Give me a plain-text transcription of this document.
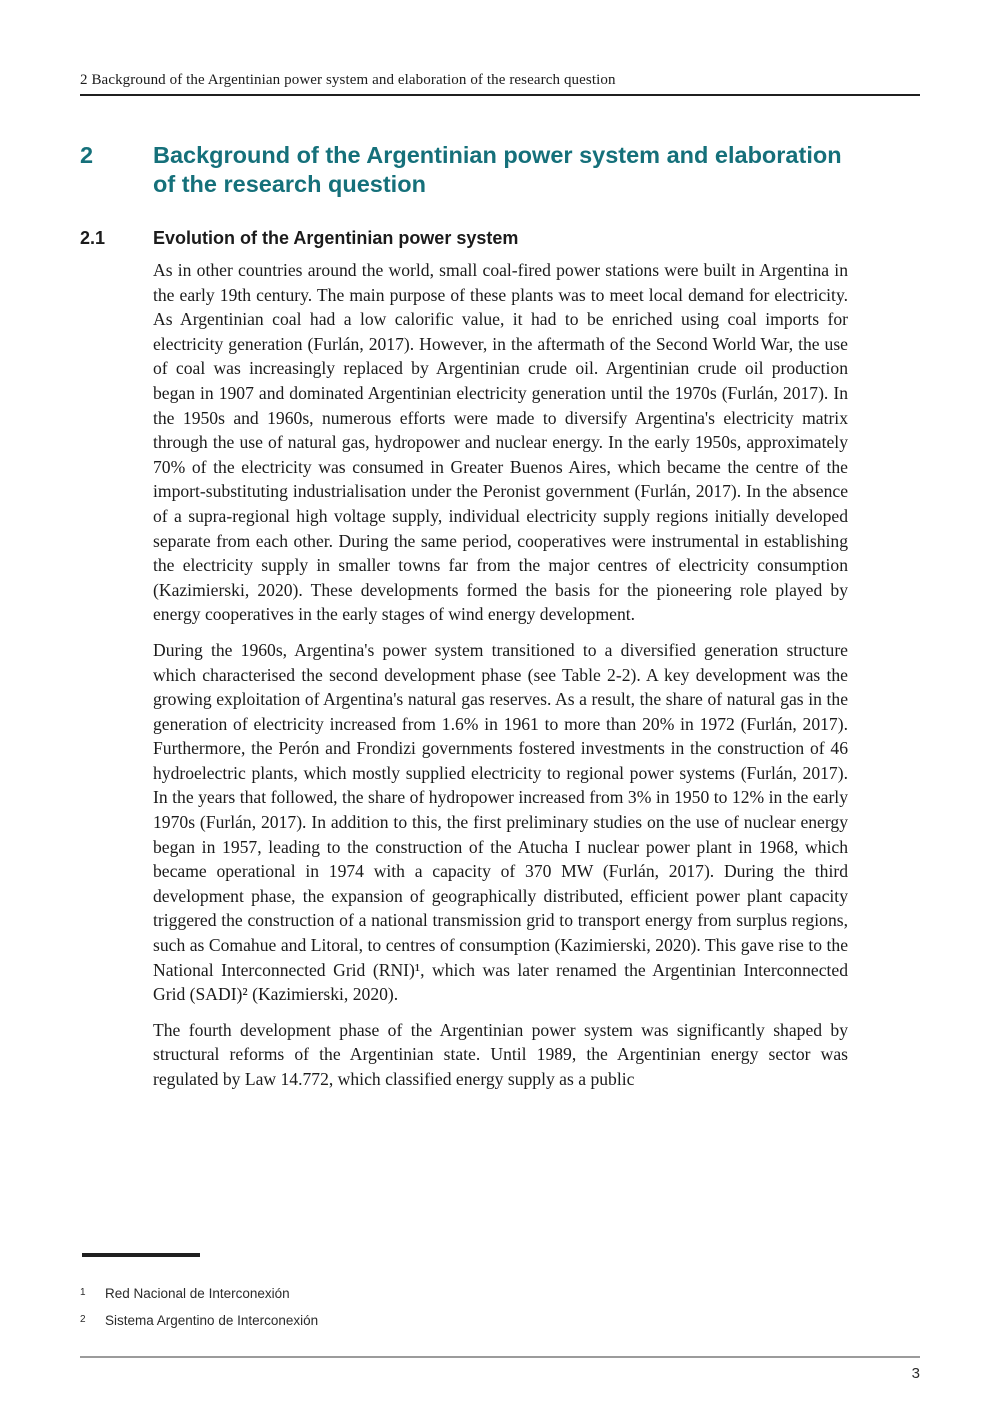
2 Background of the Argentinian power system and elaboration of the research question
2	Background of the Argentinian power system and elaboration
of the research question
2.1	Evolution of the Argentinian power system

As in other countries around the world, small coal-fired power stations were built in Argentina in the early 19th century. The main purpose of these plants was to meet local demand for electricity. As Argentinian coal had a low calorific value, it had to be enriched using coal imports for electricity generation (Furlán, 2017). However, in the aftermath of the Second World War, the use of coal was increasingly replaced by Argentinian crude oil. Argentinian crude oil production began in 1907 and dominated Argentinian electricity generation until the 1970s (Furlán, 2017). In the 1950s and 1960s, numerous efforts were made to diversify Argentina's electricity matrix through the use of natural gas, hydropower and nuclear energy. In the early 1950s, approximately 70% of the electricity was consumed in Greater Buenos Aires, which became the centre of the import-substituting industrialisation under the Peronist government (Furlán, 2017). In the absence of a supra-regional high voltage supply, individual electricity supply regions initially developed separate from each other. During the same period, cooperatives were instrumental in establishing the electricity supply in smaller towns far from the major centres of electricity consumption (Kazimierski, 2020). These developments formed the basis for the pioneering role played by energy cooperatives in the early stages of wind energy development.

During the 1960s, Argentina's power system transitioned to a diversified generation structure which characterised the second development phase (see Table 2-2). A key development was the growing exploitation of Argentina's natural gas reserves. As a result, the share of natural gas in the generation of electricity increased from 1.6% in 1961 to more than 20% in 1972 (Furlán, 2017). Furthermore, the Perón and Frondizi governments fostered investments in the construction of 46 hydroelectric plants, which mostly supplied electricity to regional power systems (Furlán, 2017). In the years that followed, the share of hydropower increased from 3% in 1950 to 12% in the early 1970s (Furlán, 2017). In addition to this, the first preliminary studies on the use of nuclear energy began in 1957, leading to the construction of the Atucha I nuclear power plant in 1968, which became operational in 1974 with a capacity of 370 MW (Furlán, 2017). During the third development phase, the expansion of geographically distributed, efficient power plant capacity triggered the construction of a national transmission grid to transport energy from surplus regions, such as Comahue and Litoral, to centres of consumption (Kazimierski, 2020). This gave rise to the National Interconnected Grid (RNI)¹, which was later renamed the Argentinian Interconnected Grid (SADI)² (Kazimierski, 2020).

The fourth development phase of the Argentinian power system was significantly shaped by structural reforms of the Argentinian state. Until 1989, the Argentinian energy sector was regulated by Law 14.772, which classified energy supply as a public

1 Red Nacional de Interconexión
2 Sistema Argentino de Interconexión
3
